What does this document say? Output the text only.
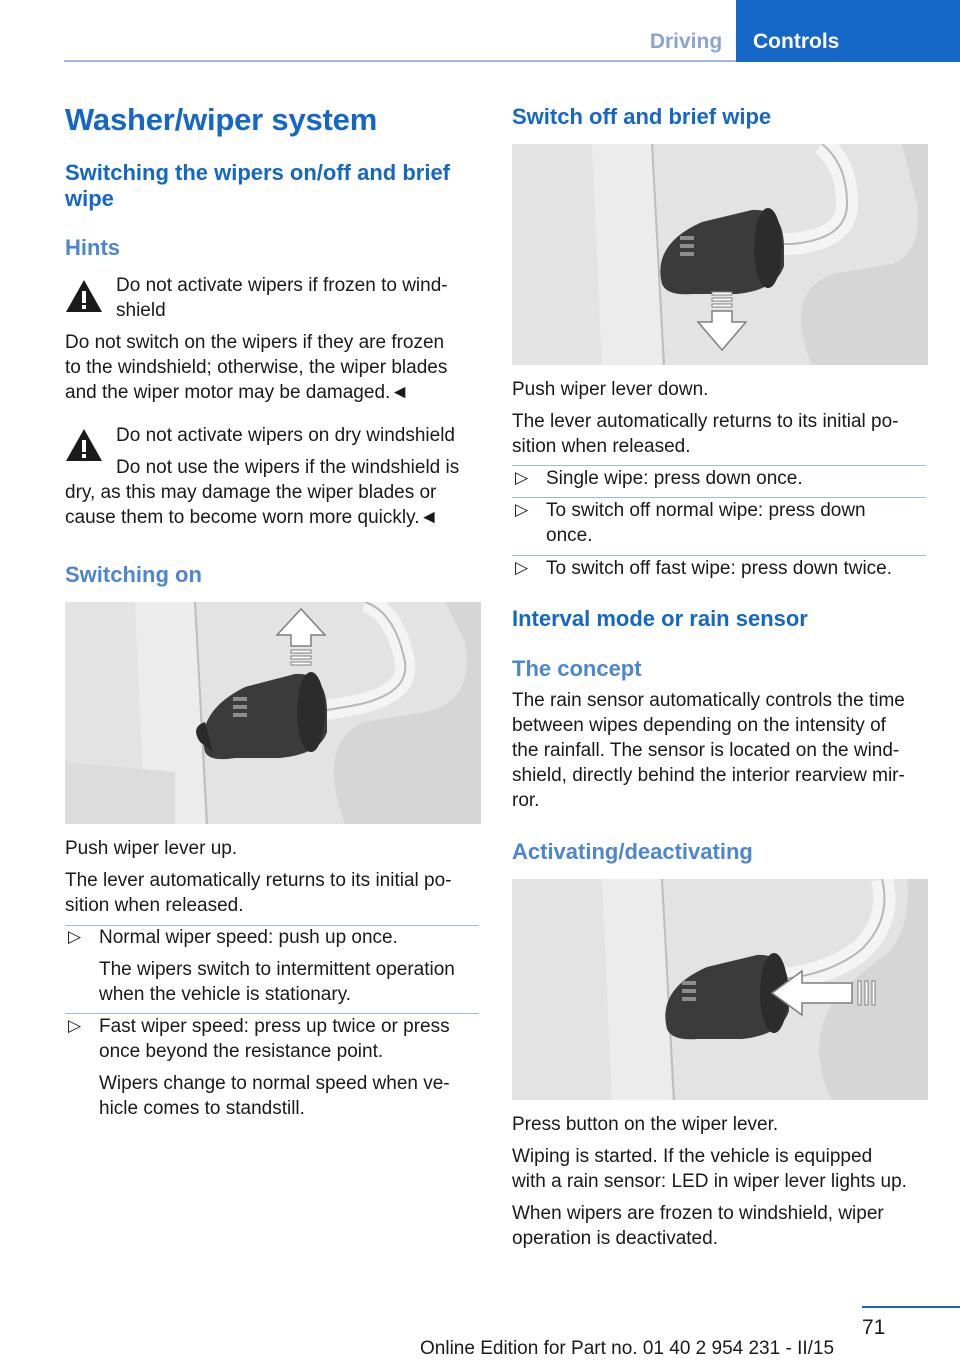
Driving	Controls
Washer/wiper system
Switching the wipers on/off and brief wipe
Hints
Do not activate wipers if frozen to wind-
shield
Do not switch on the wipers if they are frozen
to the windshield; otherwise, the wiper blades
and the wiper motor may be damaged.◄
Do not activate wipers on dry windshield
Do not use the wipers if the windshield is
dry, as this may damage the wiper blades or
cause them to become worn more quickly.◄
Switching on
Push wiper lever up.
The lever automatically returns to its initial po-
sition when released.
▷ Normal wiper speed: push up once.
The wipers switch to intermittent operation
when the vehicle is stationary.
▷ Fast wiper speed: press up twice or press
once beyond the resistance point.
Wipers change to normal speed when ve-
hicle comes to standstill.
Switch off and brief wipe
Push wiper lever down.
The lever automatically returns to its initial po-
sition when released.
▷ Single wipe: press down once.
▷ To switch off normal wipe: press down
once.
▷ To switch off fast wipe: press down twice.
Interval mode or rain sensor
The concept
The rain sensor automatically controls the time
between wipes depending on the intensity of
the rainfall. The sensor is located on the wind-
shield, directly behind the interior rearview mir-
ror.
Activating/deactivating
Press button on the wiper lever.
Wiping is started. If the vehicle is equipped
with a rain sensor: LED in wiper lever lights up.
When wipers are frozen to windshield, wiper
operation is deactivated.
71
Online Edition for Part no. 01 40 2 954 231 - II/15
